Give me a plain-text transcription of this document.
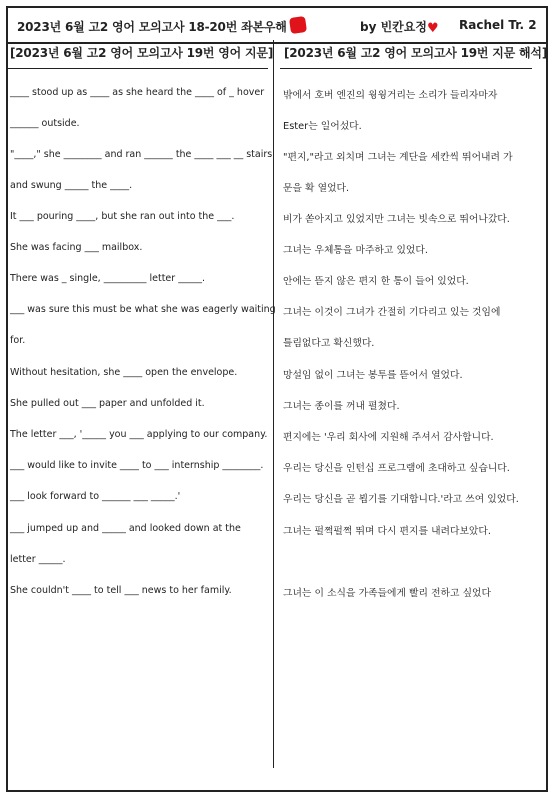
2023년 6월 고2 영어 모의고사 18-20번 좌본우해	by 빈칸요정♥ Rachel Tr. 2
[2023년 6월 고2 영어 모의고사 19번 영어 지문] [2023년 6월 고2 영어 모의고사 19번 지문 해석]
____ stood up as ____ as she heard the ____ of _ hover
______ outside.
"____," she ________ and ran ______ the ____ ___ __ stairs
and swung _____ the ____.
It ___ pouring ____, but she ran out into the ___.
She was facing ___ mailbox.
There was _ single, _________ letter _____.
___ was sure this must be what she was eagerly waiting
for.
Without hesitation, she ____ open the envelope.
She pulled out ___ paper and unfolded it.
The letter ___, '_____ you ___ applying to our company.
___ would like to invite ____ to ___ internship ________.
___ look forward to ______ ___ _____.'
___ jumped up and _____ and looked down at the
letter _____.
She couldn't ____ to tell ___ news to her family.
밖에서 호버 엔진의 윙윙거리는 소리가 들리자마자
Ester는 일어섰다.
"편지,"라고 외치며 그녀는 계단을 세칸씩 뛰어내려 가
문을 확 열었다.
비가 쏟아지고 있었지만 그녀는 빗속으로 뛰어나갔다.
그녀는 우체통을 마주하고 있었다.
안에는 뜯지 않은 편지 한 통이 들어 있었다.
그녀는 이것이 그녀가 간절히 기다리고 있는 것임에
틀림없다고 확신했다.
망설임 없이 그녀는 봉투를 뜯어서 열었다.
그녀는 종이를 꺼내 펼쳤다.
편지에는 '우리 회사에 지원해 주셔서 감사합니다.
우리는 당신을 인턴십 프로그램에 초대하고 싶습니다.
우리는 당신을 곧 뵙기를 기대합니다.'라고 쓰여 있었다.
그녀는 펄쩍펄쩍 뛰며 다시 편지를 내려다보았다.
그녀는 이 소식을 가족들에게 빨리 전하고 싶었다
